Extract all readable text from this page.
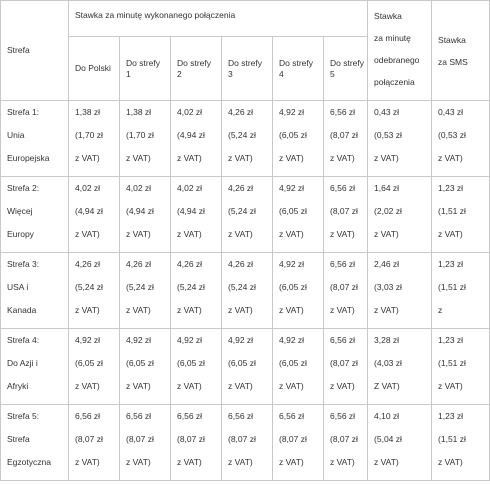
Strefa	Stawka za minutę wykonanego połączenia						Stawka
za minutę
odebranego
połączenia	Stawka
za SMS

	Do Polski	Do strefy
1	Do strefy
2	Do strefy
3	Do strefy
4	Do strefy
5		

Strefa 1:
Unia
Europejska	1,38 zł
(1,70 zł
z VAT)	1,38 zł
(1,70 zł
z VAT)	4,02 zł
(4,94 zł
z VAT)	4,26 zł
(5,24 zł
z VAT)	4,92 zł
(6,05 zł
z VAT)	6,56 zł
(8,07 zł
z VAT)	0,43 zł
(0,53 zł
z VAT)	0,43 zł
(0,53 zł
z VAT)

Strefa 2:
Więcej
Europy	4,02 zł
(4,94 zł
z VAT)	4,02 zł
(4,94 zł
z VAT)	4,02 zł
(4,94 zł
z VAT)	4,26 zł
(5,24 zł
z VAT)	4,92 zł
(6,05 zł
z VAT)	6,56 zł
(8,07 zł
z VAT)	1,64 zł
(2,02 zł
z VAT)	1,23 zł
(1,51 zł
z VAT)

Strefa 3:
USA i
Kanada	4,26 zł
(5,24 zł
z VAT)	4,26 zł
(5,24 zł
z VAT)	4,26 zł
(5,24 zł
z VAT)	4,26 zł
(5,24 zł
z VAT)	4,92 zł
(6,05 zł
z VAT)	6,56 zł
(8,07 zł
z VAT)	2,46 zł
(3,03 zł
z VAT)	1,23 zł
(1,51 zł
z

Strefa 4:
Do Azji i
Afryki	4,92 zł
(6,05 zł
z VAT)	4,92 zł
(6,05 zł
z VAT)	4,92 zł
(6,05 zł
z VAT)	4,92 zł
(6,05 zł
z VAT)	4,92 zł
(6,05 zł
z VAT)	6,56 zł
(8,07 zł
z VAT)	3,28 zł
(4,03 zł
Z VAT)	1,23 zł
(1,51 zł
z VAT)

Strefa 5:
Strefa
Egzotyczna	6,56 zł
(8,07 zł
z VAT)	6,56 zł
(8,07 zł
z VAT)	6,56 zł
(8,07 zł
z VAT)	6,56 zł
(8,07 zł
z VAT)	6,56 zł
(8,07 zł
z VAT)	6,56 zł
(8,07 zł
z VAT)	4,10 zł
(5,04 zł
z VAT)	1,23 zł
(1,51 zł
z VAT)
